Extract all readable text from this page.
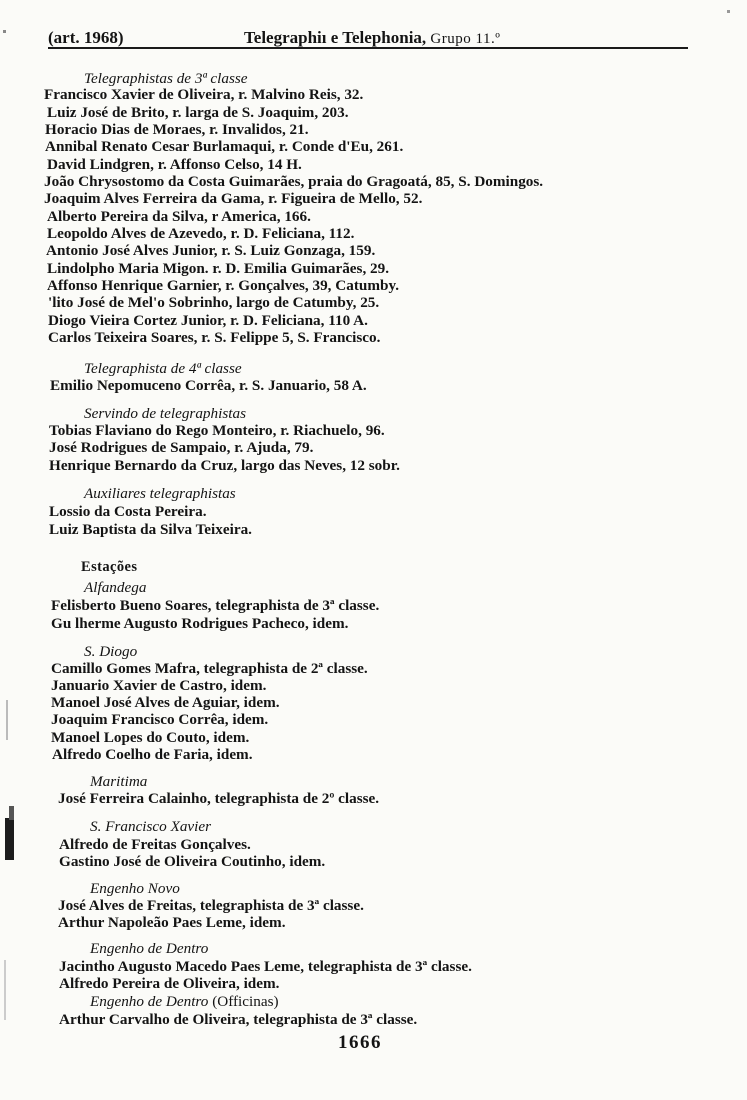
(art. 1968)	Telegraphiı e Telephonia, Grupo 11.º
Telegraphistas de 3ª classe
Francisco Xavier de Oliveira, r. Malvino Reis, 32.
Luiz José de Brito, r. larga de S. Joaquim, 203.
Horacio Dias de Moraes, r. Invalidos, 21.
Annibal Renato Cesar Burlamaqui, r. Conde d'Eu, 261.
David Lindgren, r. Affonso Celso, 14 H.
João Chrysostomo da Costa Guimarães, praia do Gragoatá, 85, S. Domingos.
Joaquim Alves Ferreira da Gama, r. Figueira de Mello, 52.
Alberto Pereira da Silva, r America, 166.
Leopoldo Alves de Azevedo, r. D. Feliciana, 112.
Antonio José Alves Junior, r. S. Luiz Gonzaga, 159.
Lindolpho Maria Migon. r. D. Emilia Guimarães, 29.
Affonso Henrique Garnier, r. Gonçalves, 39, Catumby.
'lito José de Mel'o Sobrinho, largo de Catumby, 25.
Diogo Vieira Cortez Junior, r. D. Feliciana, 110 A.
Carlos Teixeira Soares, r. S. Felippe 5, S. Francisco.
Telegraphista de 4ª classe
Emilio Nepomuceno Corrêa, r. S. Januario, 58 A.
Servindo de telegraphistas
Tobias Flaviano do Rego Monteiro, r. Riachuelo, 96.
José Rodrigues de Sampaio, r. Ajuda, 79.
Henrique Bernardo da Cruz, largo das Neves, 12 sobr.
Auxiliares telegraphistas
Lossio da Costa Pereira.
Luiz Baptista da Silva Teixeira.
Estações
Alfandega
Felisberto Bueno Soares, telegraphista de 3ª classe.
Gu lherme Augusto Rodrigues Pacheco, idem.
S. Diogo
Camillo Gomes Mafra, telegraphista de 2ª classe.
Januario Xavier de Castro, idem.
Manoel José Alves de Aguiar, idem.
Joaquim Francisco Corrêa, idem.
Manoel Lopes do Couto, idem.
Alfredo Coelho de Faria, idem.
Maritima
José Ferreira Calainho, telegraphista de 2º classe.
S. Francisco Xavier
Alfredo de Freitas Gonçalves.
Gastino José de Oliveira Coutinho, idem.
Engenho Novo
José Alves de Freitas, telegraphista de 3ª classe.
Arthur Napoleão Paes Leme, idem.
Engenho de Dentro
Jacintho Augusto Macedo Paes Leme, telegraphista de 3ª classe.
Alfredo Pereira de Oliveira, idem.
Engenho de Dentro (Officinas)
Arthur Carvalho de Oliveira, telegraphista de 3ª classe.
1666
